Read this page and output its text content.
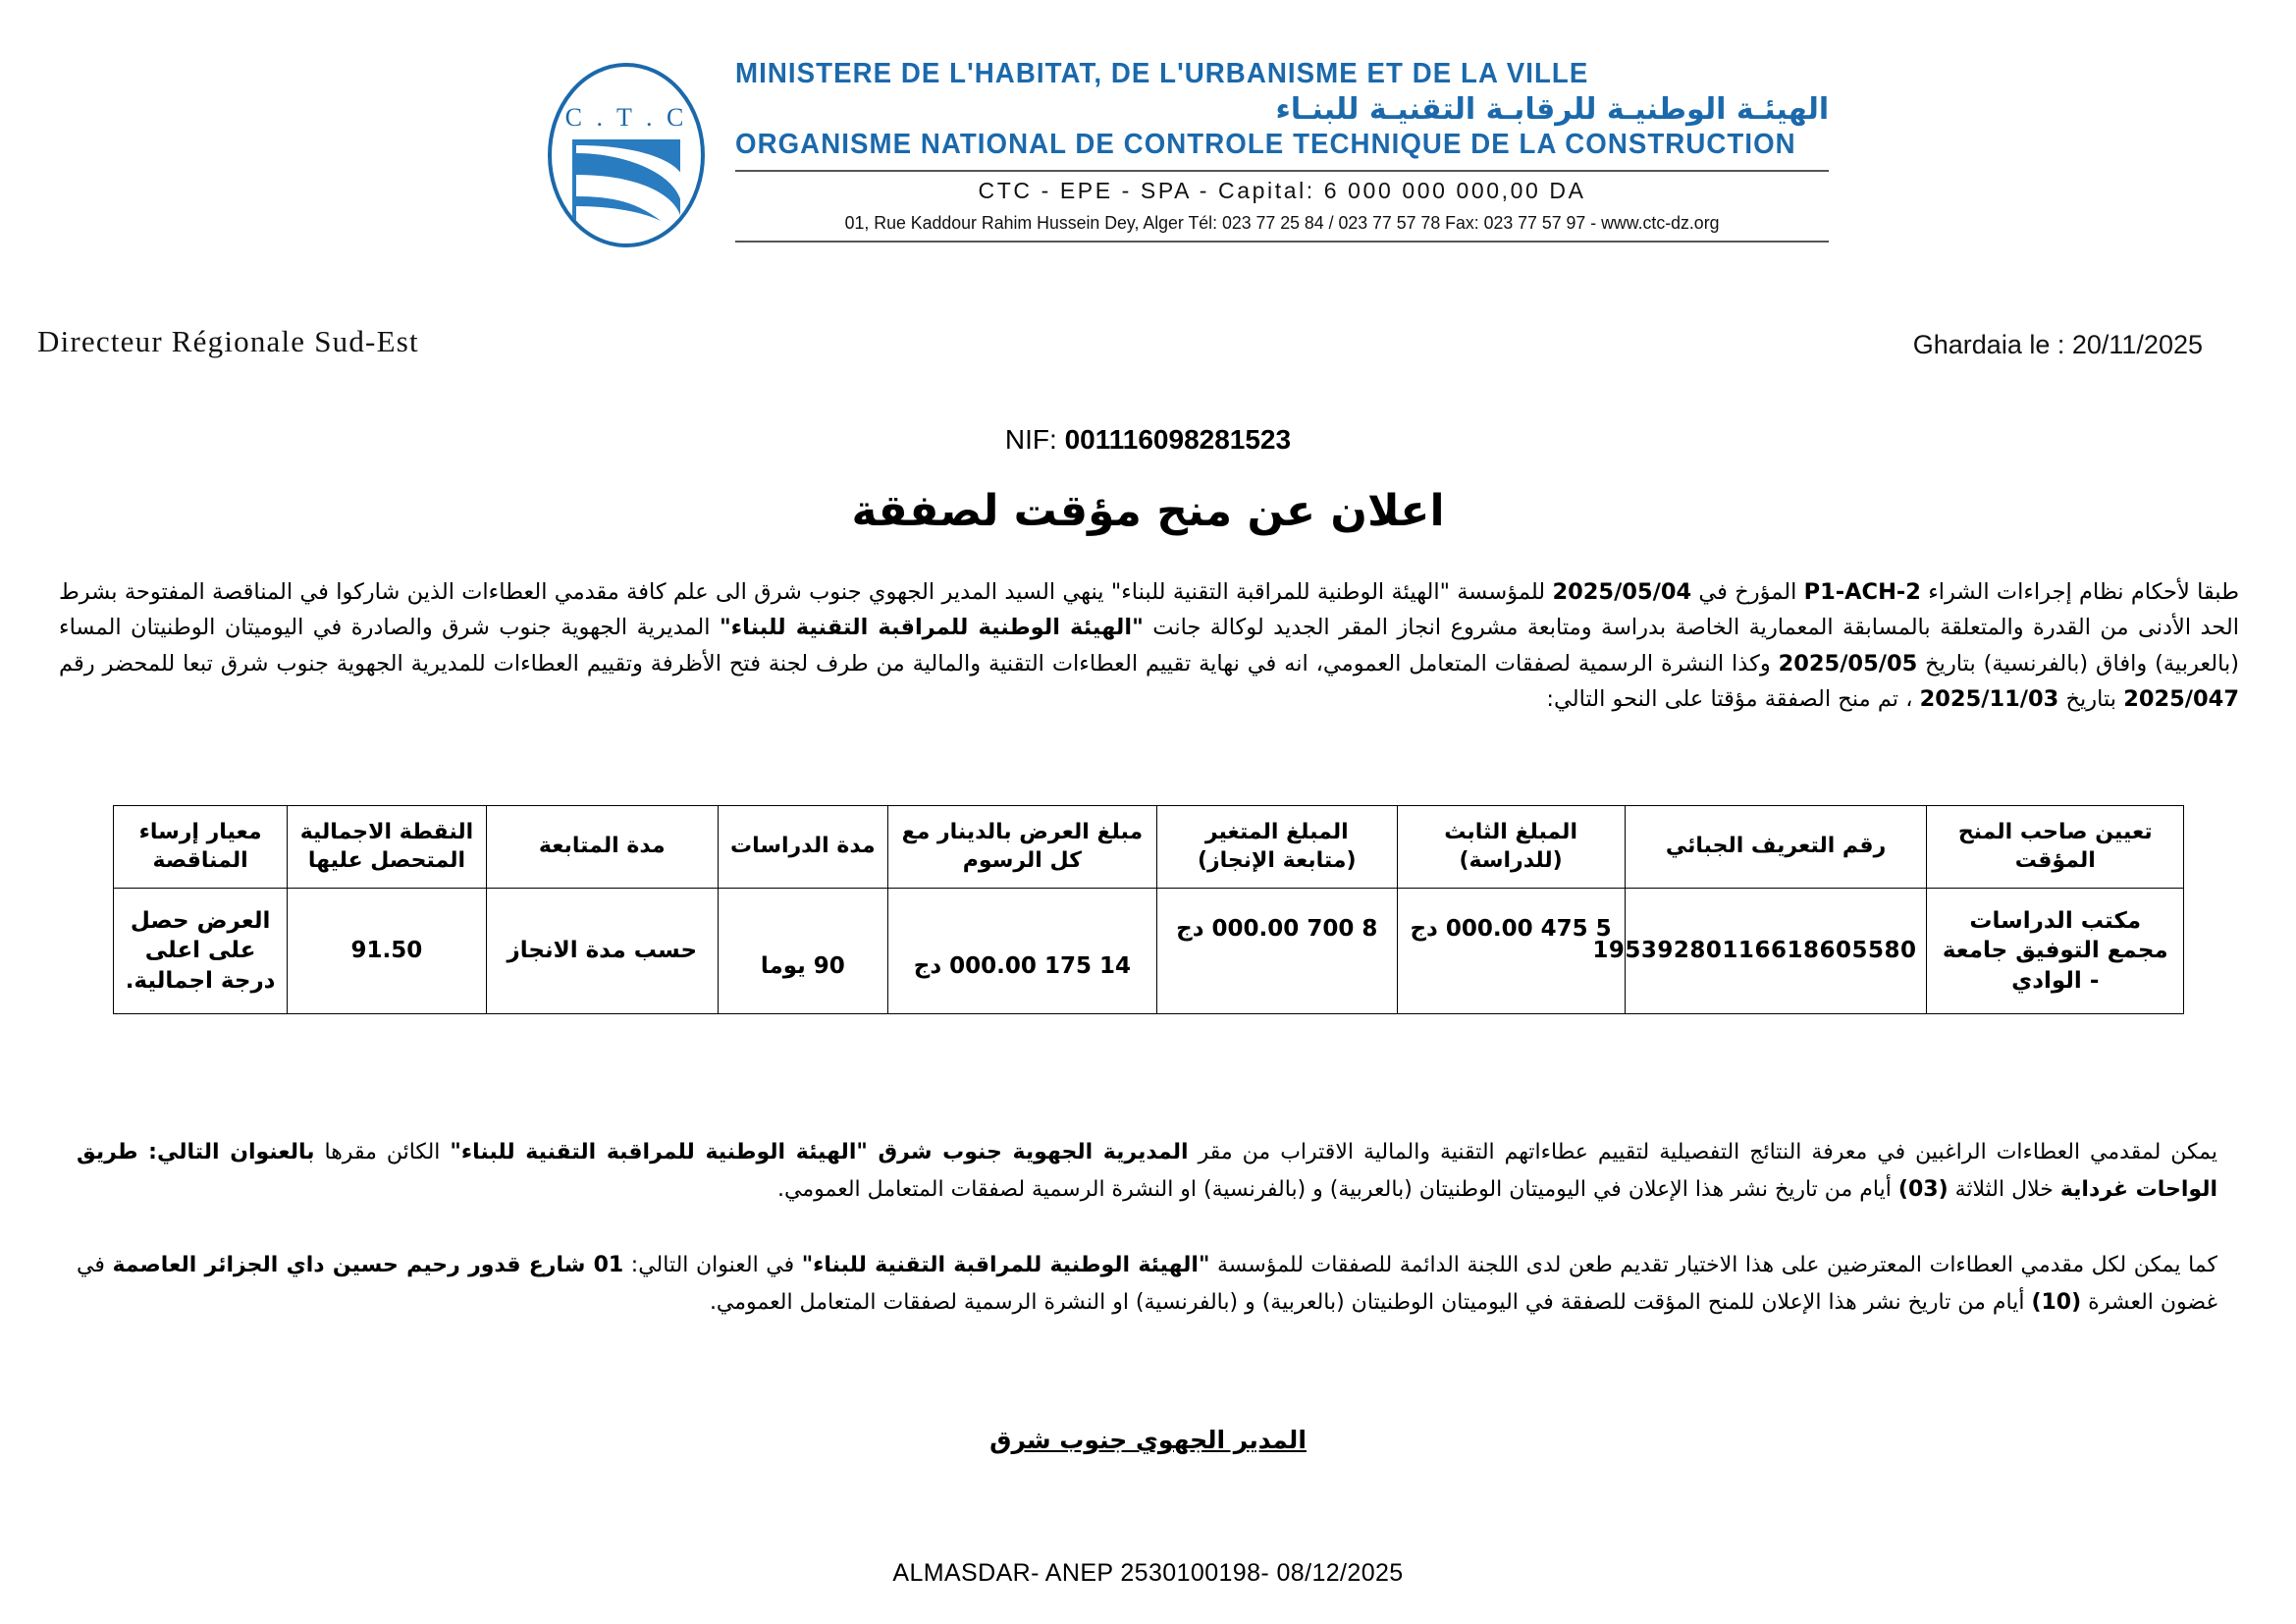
C . T . C
MINISTERE DE L'HABITAT, DE L'URBANISME ET DE LA VILLE
الهيئـة الوطنيـة للرقابـة التقنيـة للبنـاء
ORGANISME NATIONAL DE CONTROLE TECHNIQUE DE LA CONSTRUCTION
CTC - EPE - SPA - Capital: 6 000 000 000,00 DA
01, Rue Kaddour Rahim Hussein Dey, Alger Tél: 023 77 25 84 / 023 77 57 78 Fax: 023 77 57 97 - www.ctc-dz.org
Directeur Régionale Sud-Est	Ghardaia le : 20/11/2025
NIF: 001116098281523
اعلان عن منح مؤقت لصفقة
طبقا لأحكام نظام إجراءات الشراء P1-ACH-2 المؤرخ في 2025/05/04 للمؤسسة "الهيئة الوطنية للمراقبة التقنية للبناء" ينهي السيد المدير الجهوي جنوب شرق الى علم كافة مقدمي العطاءات الذين شاركوا في المناقصة المفتوحة بشرط الحد الأدنى من القدرة والمتعلقة بالمسابقة المعمارية الخاصة بدراسة ومتابعة مشروع انجاز المقر الجديد لوكالة جانت "الهيئة الوطنية للمراقبة التقنية للبناء" المديرية الجهوية جنوب شرق والصادرة في اليوميتان الوطنيتان المساء (بالعربية) وافاق (بالفرنسية) بتاريخ 2025/05/05 وكذا النشرة الرسمية لصفقات المتعامل العمومي، انه في نهاية تقييم العطاءات التقنية والمالية من طرف لجنة فتح الأظرفة وتقييم العطاءات للمديرية الجهوية جنوب شرق تبعا للمحضر رقم 2025/047 بتاريخ 2025/11/03 ، تم منح الصفقة مؤقتا على النحو التالي:
تعيين صاحب المنح المؤقت	رقم التعريف الجبائي	المبلغ الثابث (للدراسة)	المبلغ المتغير (متابعة الإنجاز)	مبلغ العرض بالدينار مع كل الرسوم	مدة الدراسات	مدة المتابعة	النقطة الاجمالية المتحصل عليها	معيار إرساء المناقصة
مكتب الدراسات مجمع التوفيق جامعة - الوادي	19539280116618605580	5 475 000.00 دج	8 700 000.00 دج	14 175 000.00 دج	90 يوما	حسب مدة الانجاز	91.50	العرض حصل على اعلى درجة اجمالية.
يمكن لمقدمي العطاءات الراغبين في معرفة النتائج التفصيلية لتقييم عطاءاتهم التقنية والمالية الاقتراب من مقر المديرية الجهوية جنوب شرق "الهيئة الوطنية للمراقبة التقنية للبناء" الكائن مقرها بالعنوان التالي: طريق الواحات غرداية خلال الثلاثة (03) أيام من تاريخ نشر هذا الإعلان في اليوميتان الوطنيتان (بالعربية) و (بالفرنسية) او النشرة الرسمية لصفقات المتعامل العمومي.
كما يمكن لكل مقدمي العطاءات المعترضين على هذا الاختيار تقديم طعن لدى اللجنة الدائمة للصفقات للمؤسسة "الهيئة الوطنية للمراقبة التقنية للبناء" في العنوان التالي: 01 شارع قدور رحيم حسين داي الجزائر العاصمة في غضون العشرة (10) أيام من تاريخ نشر هذا الإعلان للمنح المؤقت للصفقة في اليوميتان الوطنيتان (بالعربية) و (بالفرنسية) او النشرة الرسمية لصفقات المتعامل العمومي.
المدير الجهوي جنوب شرق
ALMASDAR- ANEP 2530100198- 08/12/2025
